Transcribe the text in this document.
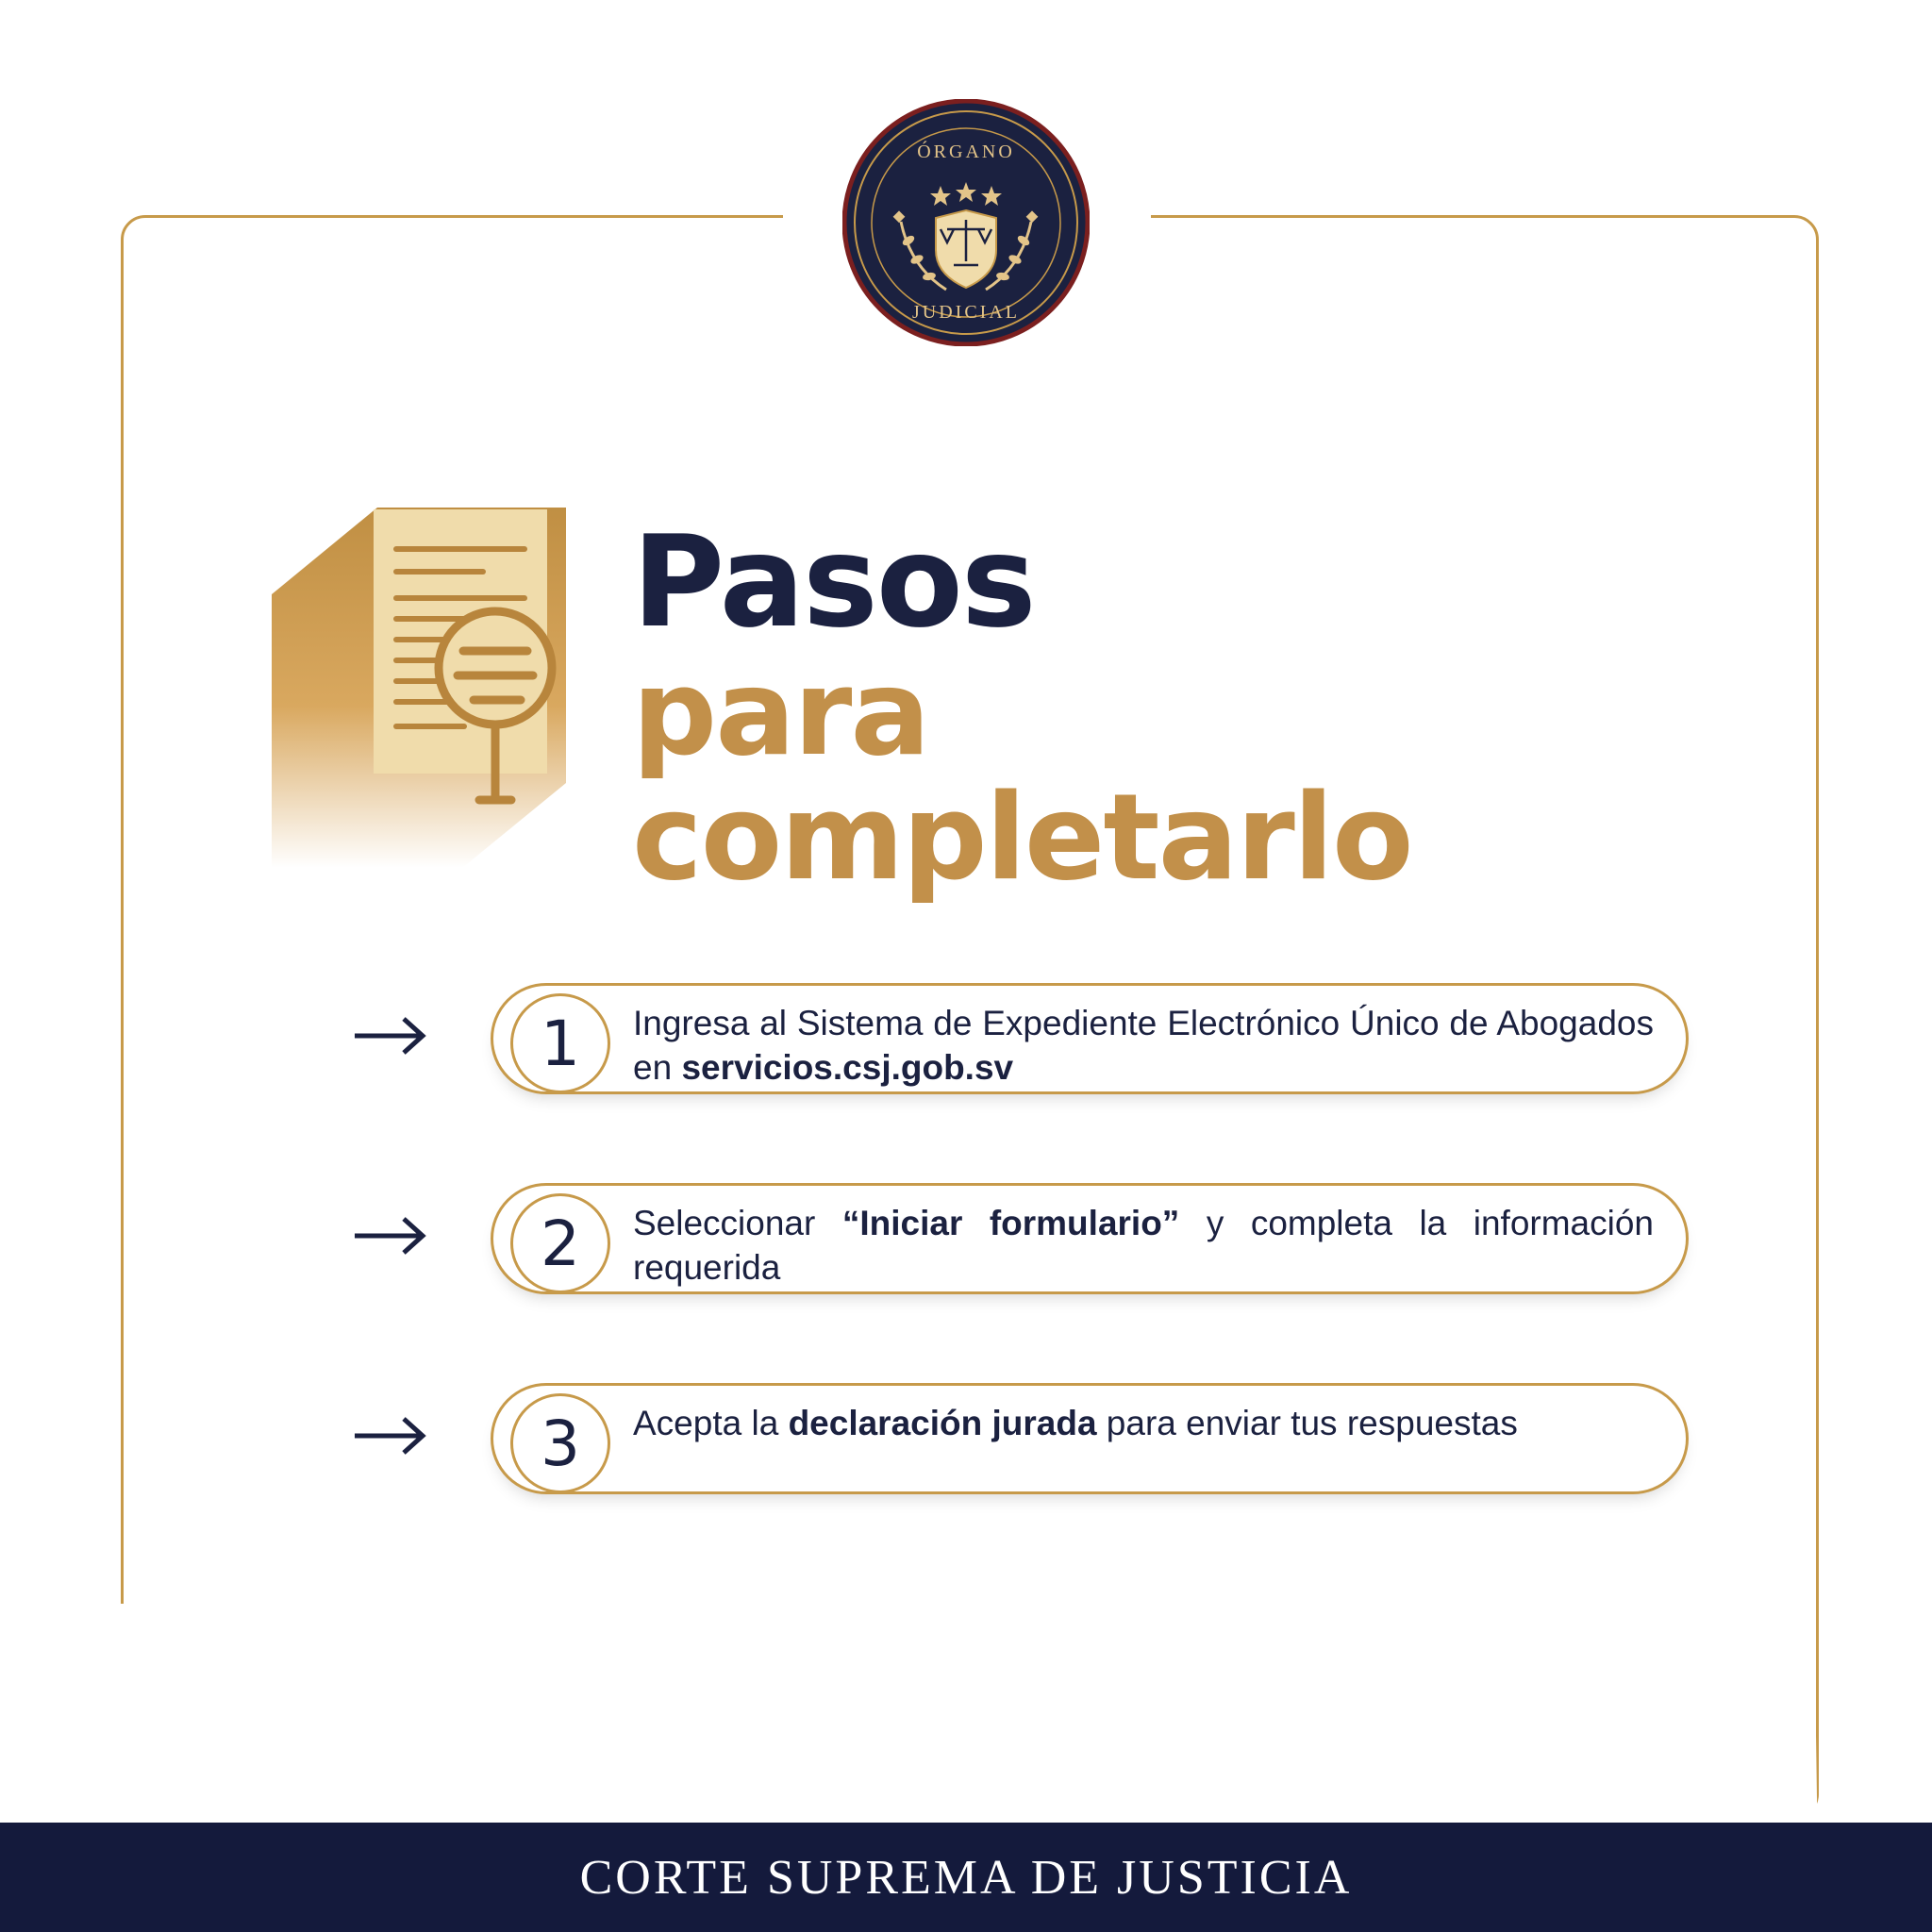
ÓRGANO
JUDICIAL
Pasos
para completarlo
1	Ingresa al Sistema de Expediente Electrónico Único de Abogados en servicios.csj.gob.sv
2	Seleccionar “Iniciar formulario” y completa la información requerida
3	Acepta la declaración jurada para enviar tus respuestas
CORTE SUPREMA DE JUSTICIA
